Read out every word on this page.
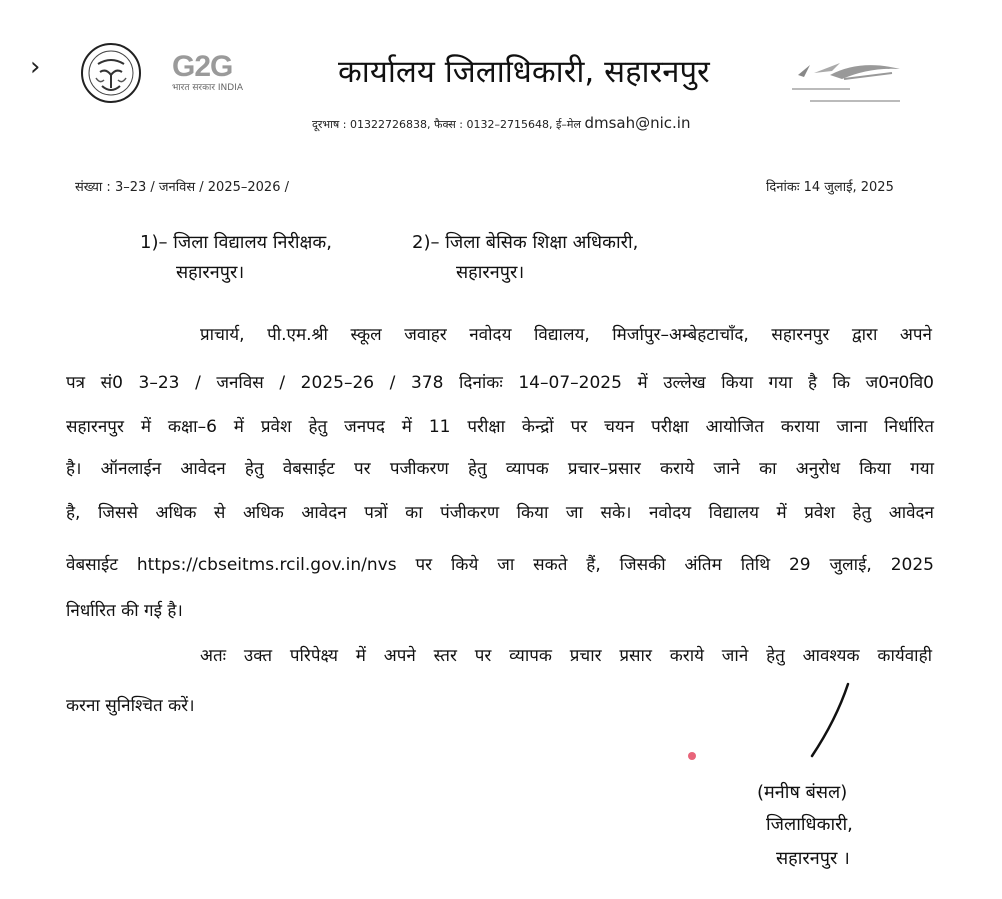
›	G2G
भारत सरकार INDIA	कार्यालय जिलाधिकारी, सहारनपुर
दूरभाष : 01322726838, फैक्स : 0132–2715648, ई–मेल dmsah@nic.in
संख्या : 3–23 / जनविस / 2025–2026 /	दिनांकः 14 जुलाई, 2025
1)– जिला विद्यालय निरीक्षक,
सहारनपुर।
2)– जिला बेसिक शिक्षा अधिकारी,
सहारनपुर।
प्राचार्य, पी.एम.श्री स्कूल जवाहर नवोदय विद्यालय, मिर्जापुर–अम्बेहटाचाँद, सहारनपुर द्वारा अपने
पत्र सं0 3–23 / जनविस / 2025–26 / 378 दिनांकः 14–07–2025 में उल्लेख किया गया है कि ज0न0वि0
सहारनपुर में कक्षा–6 में प्रवेश हेतु जनपद में 11 परीक्षा केन्द्रों पर चयन परीक्षा आयोजित कराया जाना निर्धारित
है। ऑनलाईन आवेदन हेतु वेबसाईट पर पजीकरण हेतु व्यापक प्रचार–प्रसार कराये जाने का अनुरोध किया गया
है, जिससे अधिक से अधिक आवेदन पत्रों का पंजीकरण किया जा सके। नवोदय विद्यालय में प्रवेश हेतु आवेदन
वेबसाईट https://cbseitms.rcil.gov.in/nvs पर किये जा सकते हैं, जिसकी अंतिम तिथि 29 जुलाई, 2025
निर्धारित की गई है।
अतः उक्त परिपेक्ष्य में अपने स्तर पर व्यापक प्रचार प्रसार कराये जाने हेतु आवश्यक कार्यवाही
करना सुनिश्चित करें।
(मनीष बंसल)
जिलाधिकारी,
सहारनपुर ।
